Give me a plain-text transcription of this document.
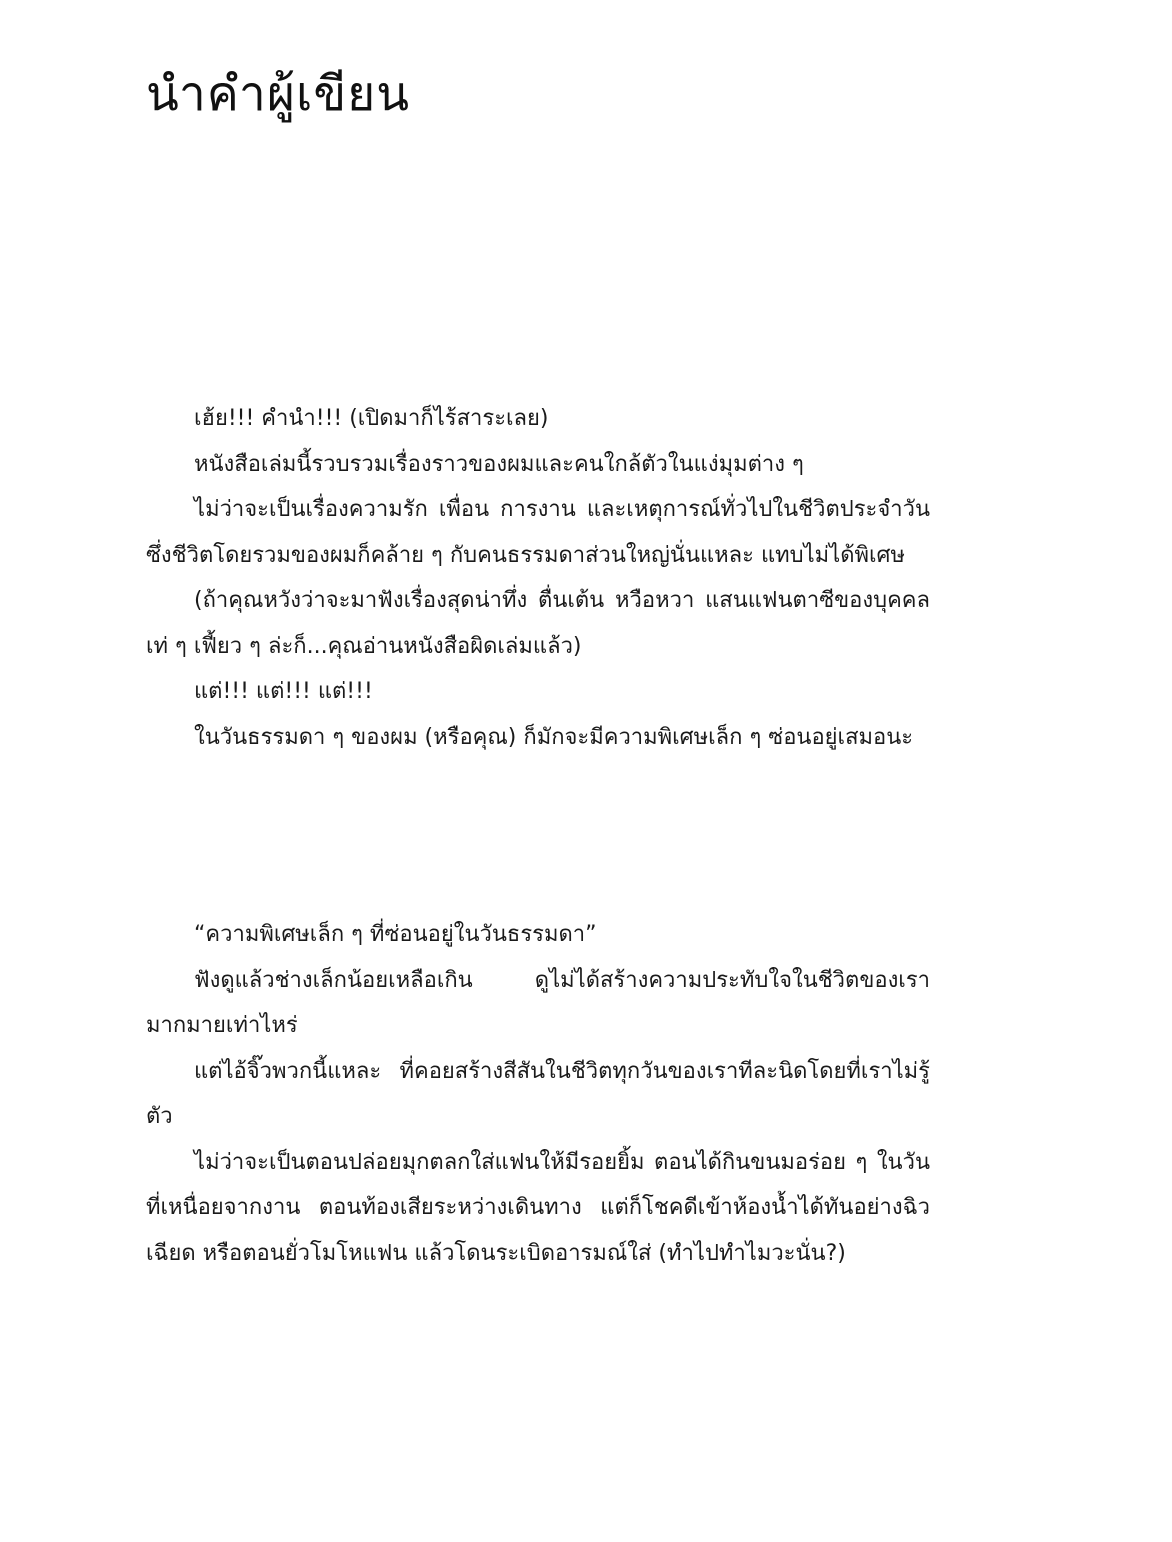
นำคำผู้เขียน

เฮ้ย!!! คำนำ!!! (เปิดมาก็ไร้สาระเลย)

หนังสือเล่มนี้รวบรวมเรื่องราวของผมและคนใกล้ตัวในแง่มุมต่าง ๆ

ไม่ว่าจะเป็นเรื่องความรัก เพื่อน การงาน และเหตุการณ์ทั่วไปในชีวิตประจำวัน ซึ่งชีวิตโดยรวมของผมก็คล้าย ๆ กับคนธรรมดาส่วนใหญ่นั่นแหละ แทบไม่ได้พิเศษ

(ถ้าคุณหวังว่าจะมาฟังเรื่องสุดน่าทึ่ง ตื่นเต้น หวือหวา แสนแฟนตาซีของบุคคลเท่ ๆ เฟี้ยว ๆ ล่ะก็...คุณอ่านหนังสือผิดเล่มแล้ว)

แต่!!! แต่!!! แต่!!!

ในวันธรรมดา ๆ ของผม (หรือคุณ) ก็มักจะมีความพิเศษเล็ก ๆ ซ่อนอยู่เสมอนะ

“ความพิเศษเล็ก ๆ ที่ซ่อนอยู่ในวันธรรมดา”

ฟังดูแล้วช่างเล็กน้อยเหลือเกิน ดูไม่ได้สร้างความประทับใจในชีวิตของเรามากมายเท่าไหร่

แต่ไอ้จิ๊วพวกนี้แหละ ที่คอยสร้างสีสันในชีวิตทุกวันของเราทีละนิดโดยที่เราไม่รู้ตัว

ไม่ว่าจะเป็นตอนปล่อยมุกตลกใส่แฟนให้มีรอยยิ้ม ตอนได้กินขนมอร่อย ๆ ในวันที่เหนื่อยจากงาน ตอนท้องเสียระหว่างเดินทาง แต่ก็โชคดีเข้าห้องน้ำได้ทันอย่างฉิวเฉียด หรือตอนยั่วโมโหแฟน แล้วโดนระเบิดอารมณ์ใส่ (ทำไปทำไมวะนั่น?)
